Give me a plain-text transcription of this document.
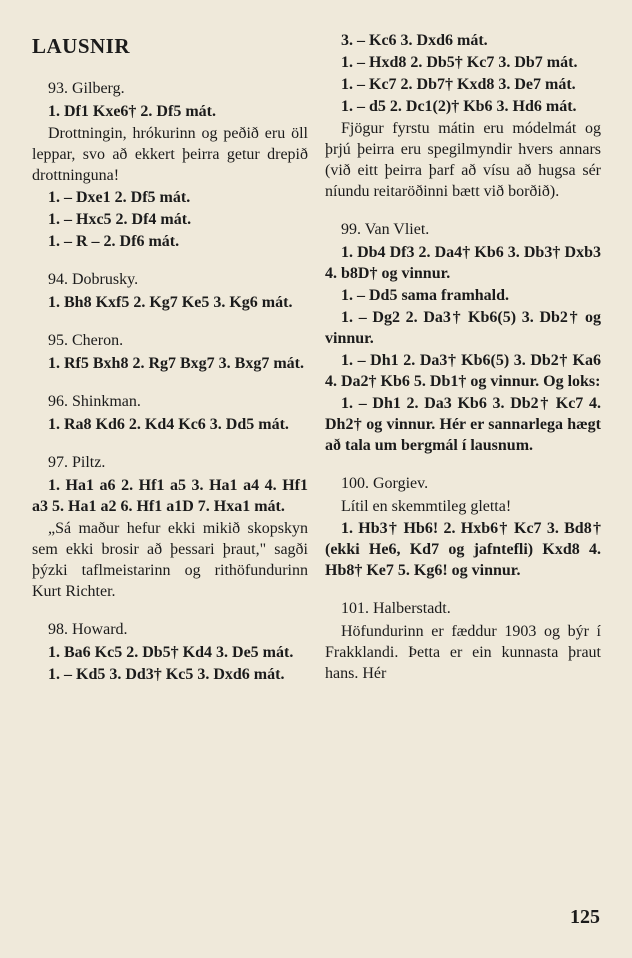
LAUSNIR
93. Gilberg.
1. Df1 Kxe6† 2. Df5 mát.
Drottningin, hrókurinn og peðið eru öll leppar, svo að ekkert þeirra getur drepið drottninguna!
1. – Dxe1 2. Df5 mát.
1. – Hxc5 2. Df4 mát.
1. – R – 2. Df6 mát.
94. Dobrusky.
1. Bh8 Kxf5 2. Kg7 Ke5 3. Kg6 mát.
95. Cheron.
1. Rf5 Bxh8 2. Rg7 Bxg7 3. Bxg7 mát.
96. Shinkman.
1. Ra8 Kd6 2. Kd4 Kc6 3. Dd5 mát.
97. Piltz.
1. Ha1 a6 2. Hf1 a5 3. Ha1 a4 4. Hf1 a3 5. Ha1 a2 6. Hf1 a1D 7. Hxa1 mát.
„Sá maður hefur ekki mikið skopskyn sem ekki brosir að þessari þraut," sagði þýzki taflmeistarinn og rithöfundurinn Kurt Richter.
98. Howard.
1. Ba6 Kc5 2. Db5† Kd4 3. De5 mát.
1. – Kd5 3. Dd3† Kc5 3. Dxd6 mát.
3. – Kc6 3. Dxd6 mát.
1. – Hxd8 2. Db5† Kc7 3. Db7 mát.
1. – Kc7 2. Db7† Kxd8 3. De7 mát.
1. – d5 2. Dc1(2)† Kb6 3. Hd6 mát.
Fjögur fyrstu mátin eru módelmát og þrjú þeirra eru spegilmyndir hvers annars (við eitt þeirra þarf að vísu að hugsa sér níundu reitaröðinni bætt við borðið).
99. Van Vliet.
1. Db4 Df3 2. Da4† Kb6 3. Db3† Dxb3 4. b8D† og vinnur.
1. – Dd5 sama framhald.
1. – Dg2 2. Da3† Kb6(5) 3. Db2† og vinnur.
1. – Dh1 2. Da3† Kb6(5) 3. Db2† Ka6 4. Da2† Kb6 5. Db1† og vinnur. Og loks:
1. – Dh1 2. Da3 Kb6 3. Db2† Kc7 4. Dh2† og vinnur. Hér er sannarlega hægt að tala um bergmál í lausnum.
100. Gorgiev.
Lítil en skemmtileg gletta!
1. Hb3† Hb6! 2. Hxb6† Kc7 3. Bd8† (ekki He6, Kd7 og jafntefli) Kxd8 4. Hb8† Ke7 5. Kg6! og vinnur.
101. Halberstadt.
Höfundurinn er fæddur 1903 og býr í Frakklandi. Þetta er ein kunnasta þraut hans. Hér
125
